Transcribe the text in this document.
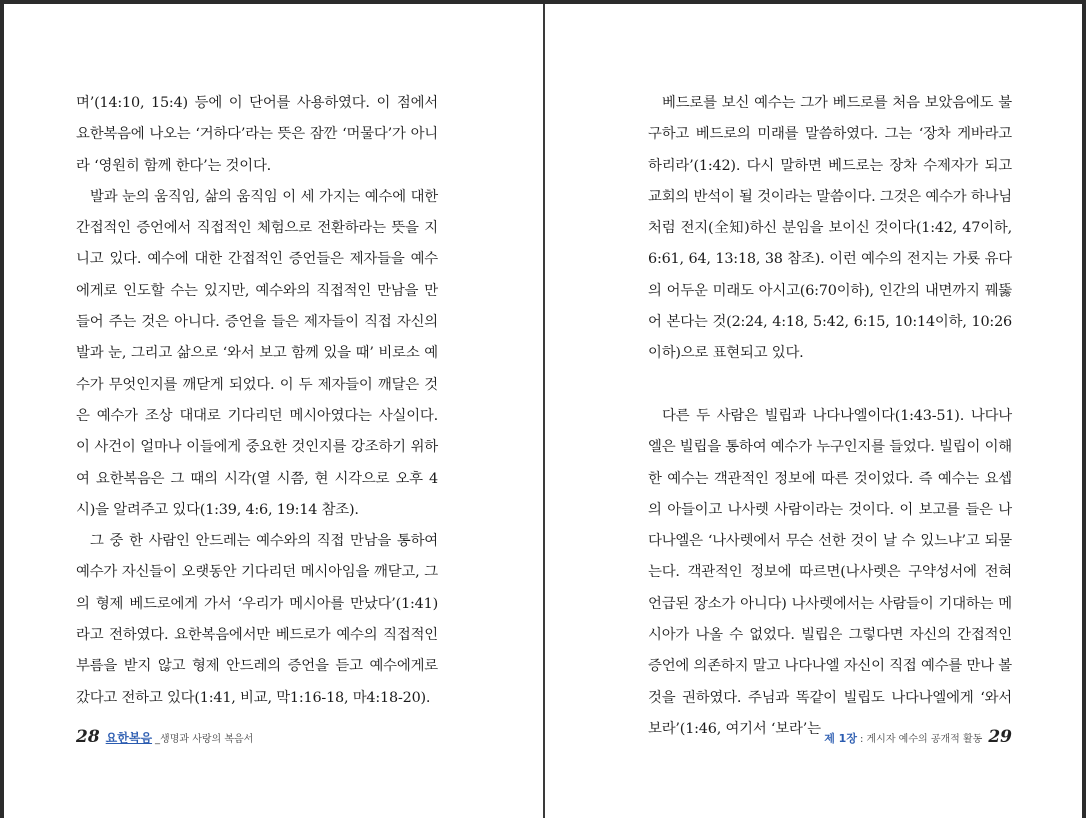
며’(14:10, 15:4) 등에 이 단어를 사용하였다. 이 점에서 요한복음에 나오는 ‘거하다’라는 뜻은 잠깐 ‘머물다’가 아니라 ‘영원히 함께 한다’는 것이다.

발과 눈의 움직임, 삶의 움직임 이 세 가지는 예수에 대한 간접적인 증언에서 직접적인 체험으로 전환하라는 뜻을 지니고 있다. 예수에 대한 간접적인 증언들은 제자들을 예수에게로 인도할 수는 있지만, 예수와의 직접적인 만남을 만들어 주는 것은 아니다. 증언을 들은 제자들이 직접 자신의 발과 눈, 그리고 삶으로 ‘와서 보고 함께 있을 때’ 비로소 예수가 무엇인지를 깨닫게 되었다. 이 두 제자들이 깨달은 것은 예수가 조상 대대로 기다리던 메시아였다는 사실이다. 이 사건이 얼마나 이들에게 중요한 것인지를 강조하기 위하여 요한복음은 그 때의 시각(열 시쯤, 현 시각으로 오후 4시)을 알려주고 있다(1:39, 4:6, 19:14 참조).

그 중 한 사람인 안드레는 예수와의 직접 만남을 통하여 예수가 자신들이 오랫동안 기다리던 메시아임을 깨닫고, 그의 형제 베드로에게 가서 ‘우리가 메시아를 만났다’(1:41)라고 전하였다. 요한복음에서만 베드로가 예수의 직접적인 부름을 받지 않고 형제 안드레의 증언을 듣고 예수에게로 갔다고 전하고 있다(1:41, 비교, 막1:16-18, 마4:18-20).

28 요한복음 _생명과 사랑의 복음서

베드로를 보신 예수는 그가 베드로를 처음 보았음에도 불구하고 베드로의 미래를 말씀하였다. 그는 ‘장차 게바라고 하리라’(1:42). 다시 말하면 베드로는 장차 수제자가 되고 교회의 반석이 될 것이라는 말씀이다. 그것은 예수가 하나님처럼 전지(全知)하신 분임을 보이신 것이다(1:42, 47이하, 6:61, 64, 13:18, 38 참조). 이런 예수의 전지는 가룟 유다의 어두운 미래도 아시고(6:70이하), 인간의 내면까지 꿰뚫어 본다는 것(2:24, 4:18, 5:42, 6:15, 10:14이하, 10:26이하)으로 표현되고 있다.

다른 두 사람은 빌립과 나다나엘이다(1:43-51). 나다나엘은 빌립을 통하여 예수가 누구인지를 들었다. 빌립이 이해한 예수는 객관적인 정보에 따른 것이었다. 즉 예수는 요셉의 아들이고 나사렛 사람이라는 것이다. 이 보고를 들은 나다나엘은 ‘나사렛에서 무슨 선한 것이 날 수 있느냐’고 되묻는다. 객관적인 정보에 따르면(나사렛은 구약성서에 전혀 언급된 장소가 아니다) 나사렛에서는 사람들이 기대하는 메시아가 나올 수 없었다. 빌립은 그렇다면 자신의 간접적인 증언에 의존하지 말고 나다나엘 자신이 직접 예수를 만나 볼 것을 권하였다. 주님과 똑같이 빌립도 나다나엘에게 ‘와서 보라’(1:46, 여기서 ‘보라’는

제 1장 : 게시자 예수의 공개적 활동 29
